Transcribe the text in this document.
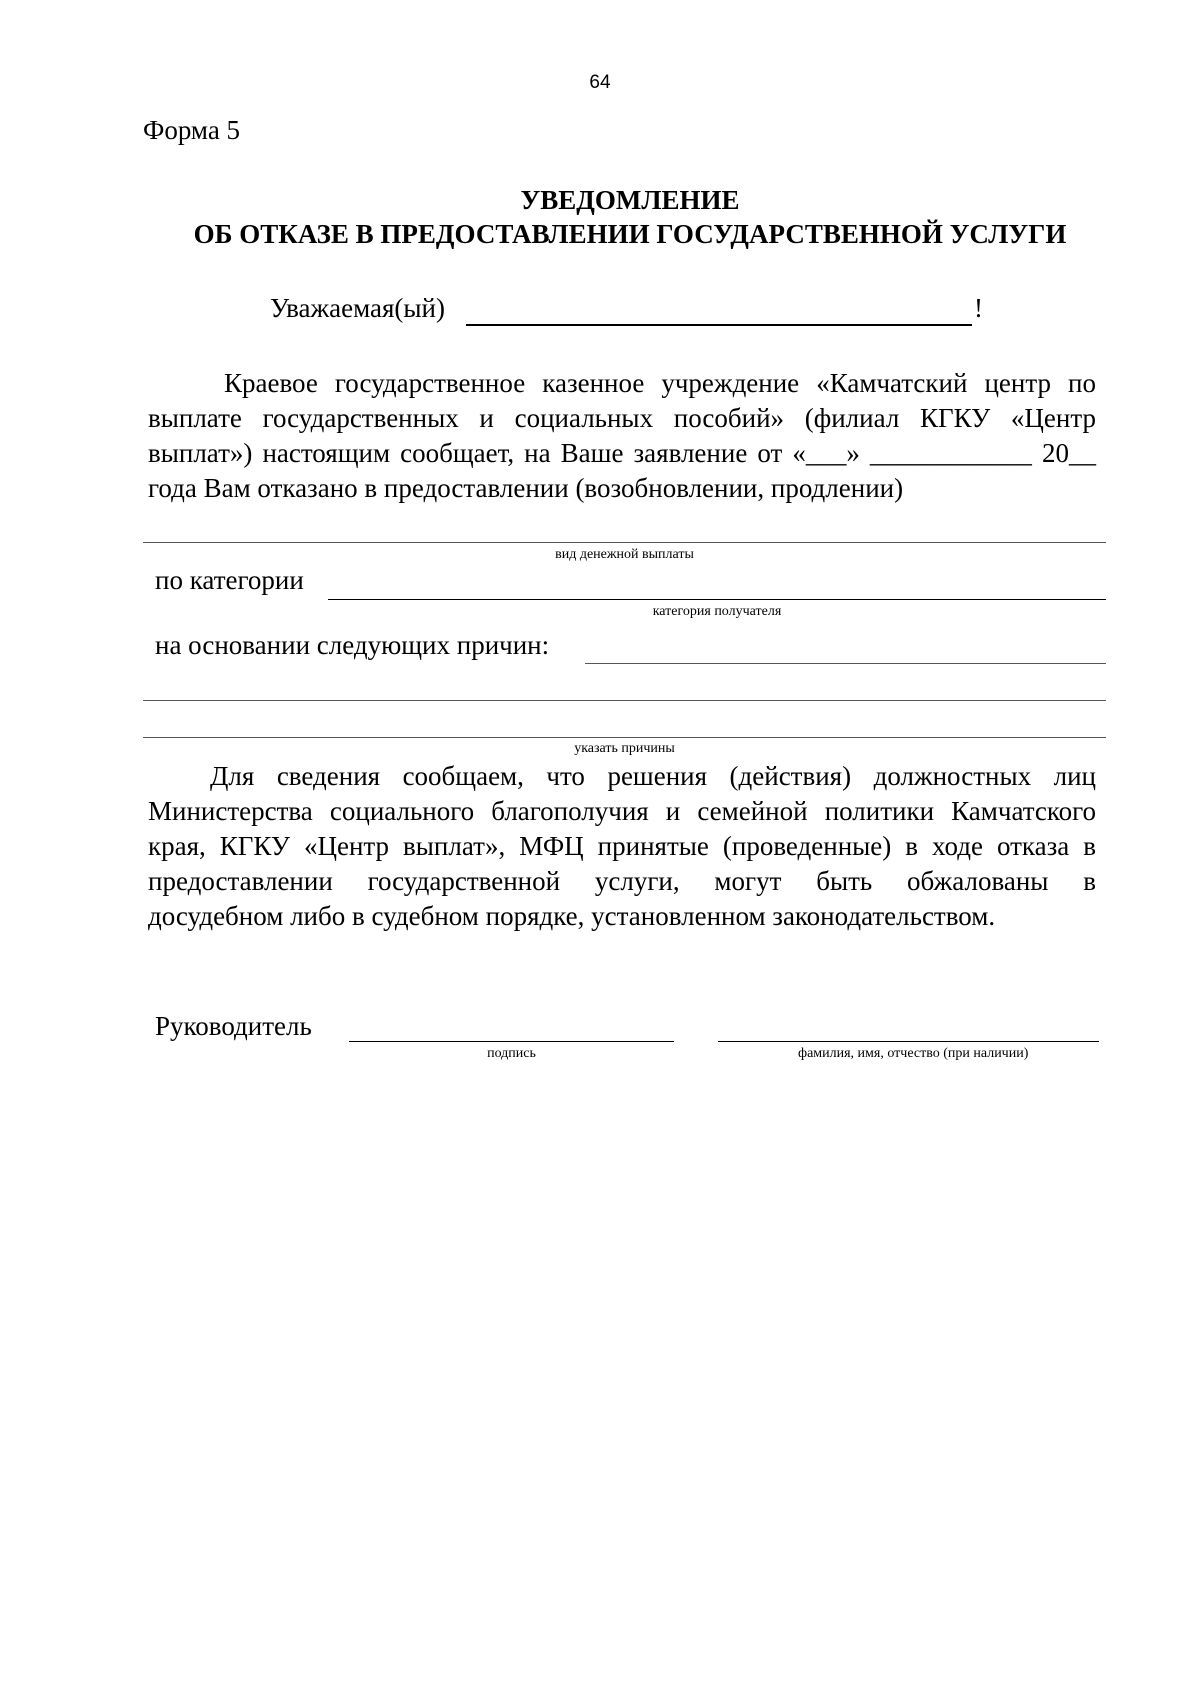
64
Форма 5
УВЕДОМЛЕНИЕ
ОБ ОТКАЗЕ В ПРЕДОСТАВЛЕНИИ ГОСУДАРСТВЕННОЙ УСЛУГИ
Уважаемая(ый)	!
Краевое государственное казенное учреждение «Камчатский центр по
выплате государственных и социальных пособий» (филиал КГКУ «Центр
выплат») настоящим сообщает, на Ваше заявление от «___» ____________ 20__
года Вам отказано в предоставлении (возобновлении, продлении)
вид денежной выплаты
по категории
категория получателя
на основании следующих причин:
указать причины
Для сведения сообщаем, что решения (действия) должностных лиц
Министерства социального благополучия и семейной политики Камчатского
края, КГКУ «Центр выплат», МФЦ принятые (проведенные) в ходе отказа в
предоставлении государственной услуги, могут быть обжалованы в
досудебном либо в судебном порядке, установленном законодательством.
Руководитель
подпись	фамилия, имя, отчество (при наличии)
